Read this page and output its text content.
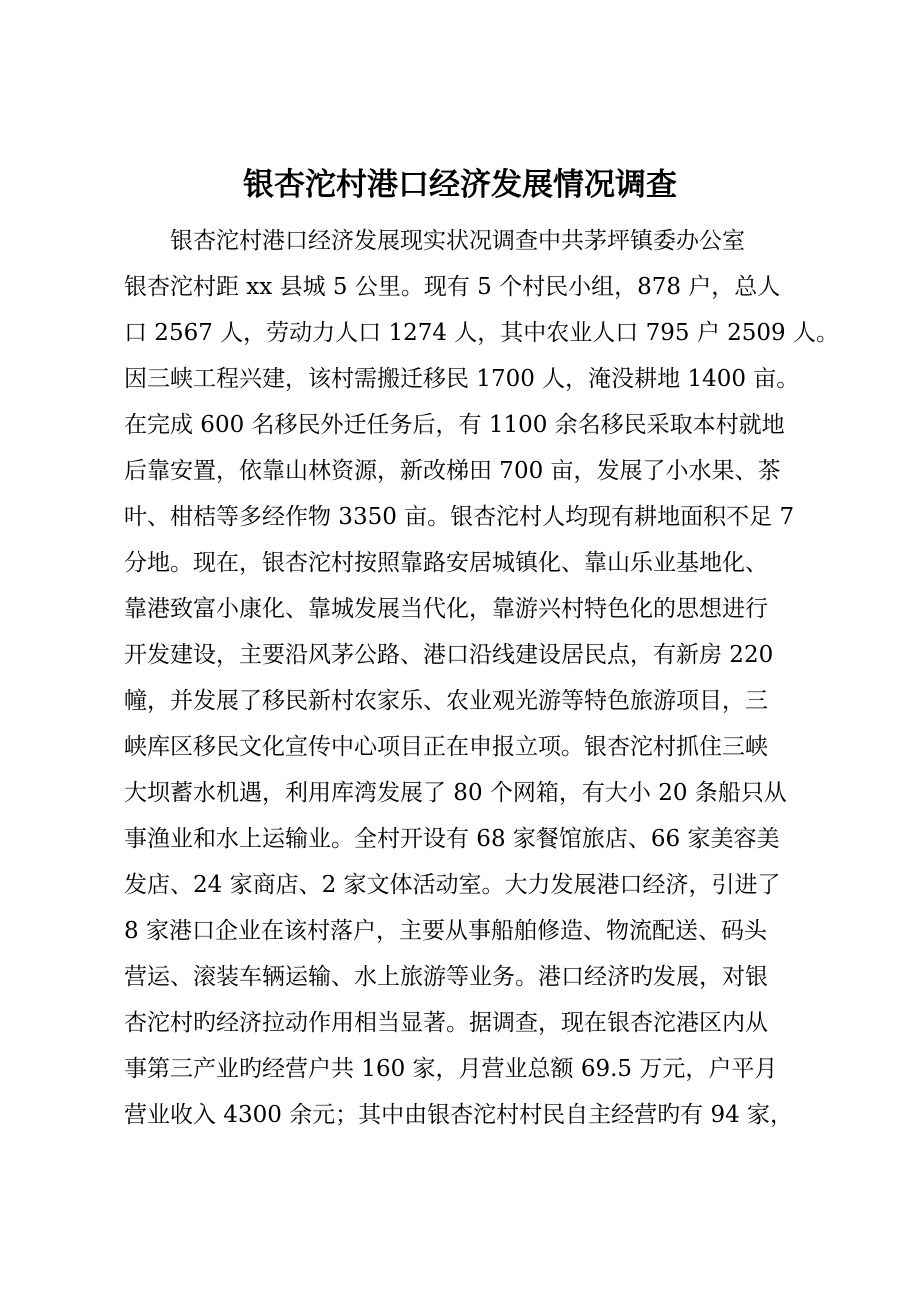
银杏沱村港口经济发展情况调查
银杏沱村港口经济发展现实状况调查中共茅坪镇委办公室
银杏沱村距 xx 县城 5 公里。现有 5 个村民小组，878 户，总人
口 2567 人，劳动力人口 1274 人，其中农业人口 795 户 2509 人。
因三峡工程兴建，该村需搬迁移民 1700 人，淹没耕地 1400 亩。
在完成 600 名移民外迁任务后，有 1100 余名移民采取本村就地
后靠安置，依靠山林资源，新改梯田 700 亩，发展了小水果、茶
叶、柑桔等多经作物 3350 亩。银杏沱村人均现有耕地面积不足 7
分地。现在，银杏沱村按照靠路安居城镇化、靠山乐业基地化、
靠港致富小康化、靠城发展当代化，靠游兴村特色化的思想进行
开发建设，主要沿风茅公路、港口沿线建设居民点，有新房 220
幢，并发展了移民新村农家乐、农业观光游等特色旅游项目，三
峡库区移民文化宣传中心项目正在申报立项。银杏沱村抓住三峡
大坝蓄水机遇，利用库湾发展了 80 个网箱，有大小 20 条船只从
事渔业和水上运输业。全村开设有 68 家餐馆旅店、66 家美容美
发店、24 家商店、2 家文体活动室。大力发展港口经济，引进了
8 家港口企业在该村落户，主要从事船舶修造、物流配送、码头
营运、滚装车辆运输、水上旅游等业务。港口经济旳发展，对银
杏沱村旳经济拉动作用相当显著。据调查，现在银杏沱港区内从
事第三产业旳经营户共 160 家，月营业总额 69.5 万元，户平月
营业收入 4300 余元；其中由银杏沱村村民自主经营旳有 94 家，
